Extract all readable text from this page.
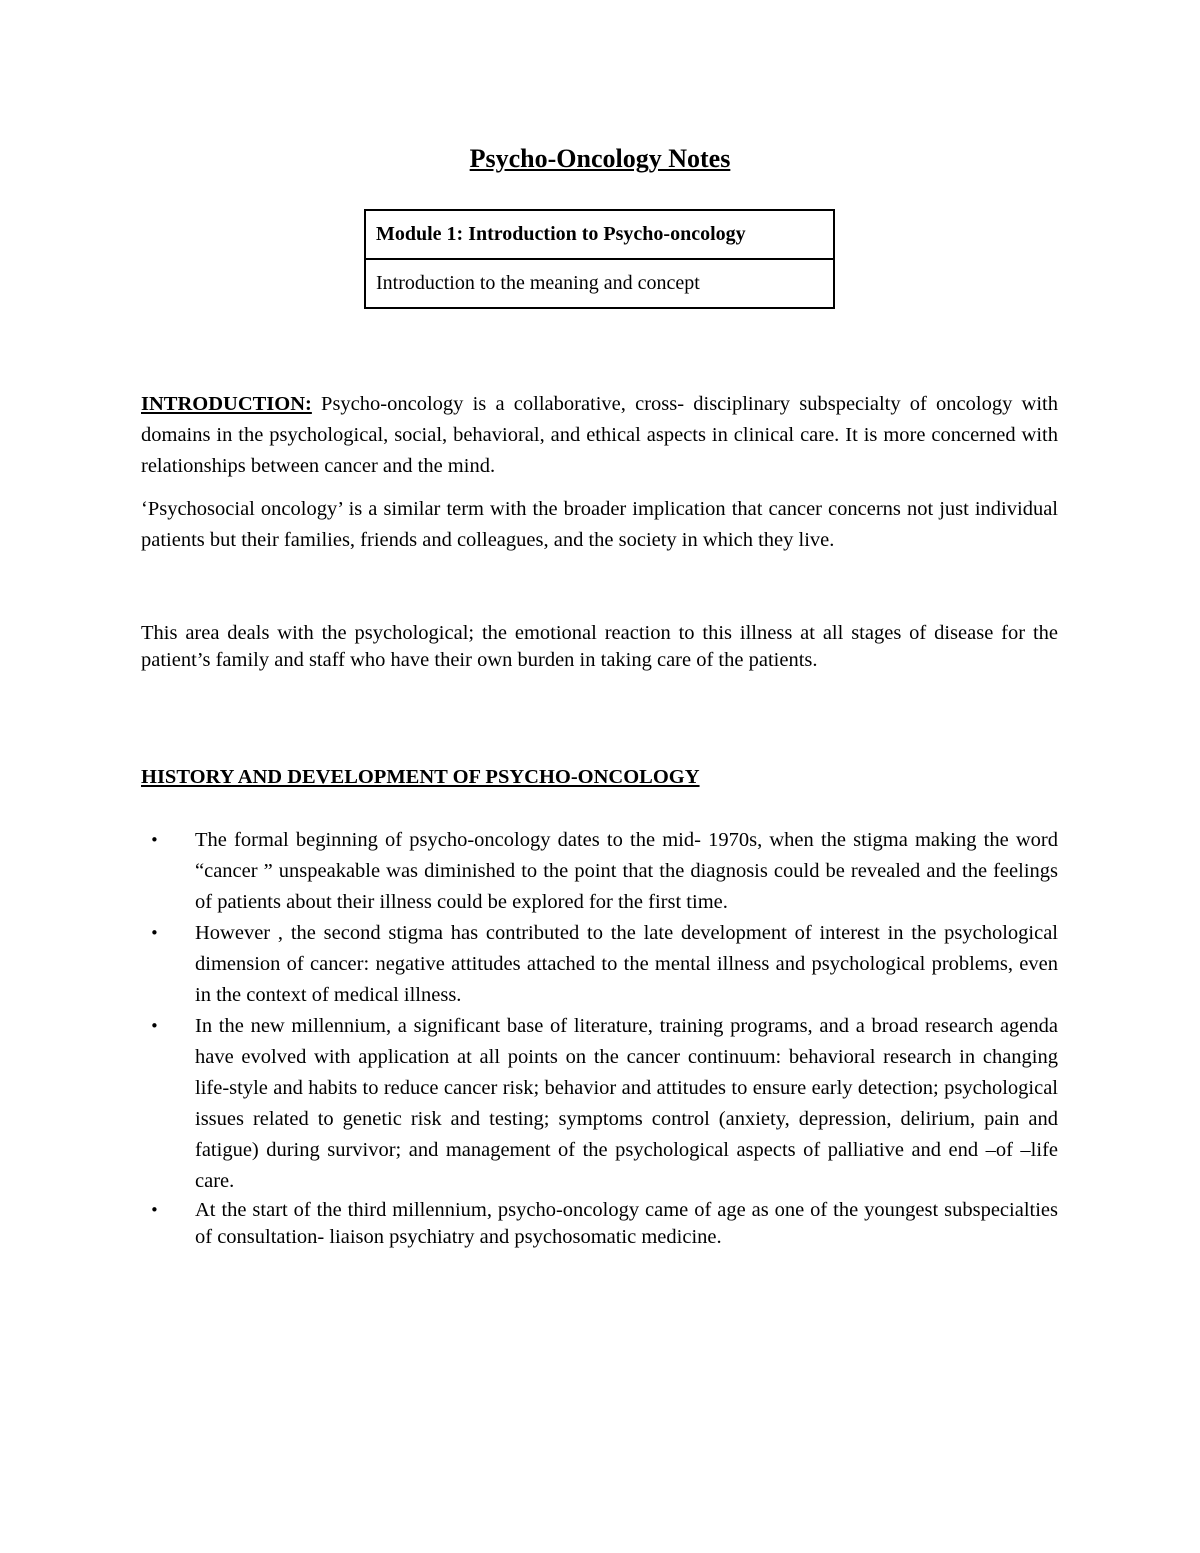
Psycho-Oncology Notes
Module 1: Introduction to Psycho-oncology
Introduction to the meaning and concept

INTRODUCTION: Psycho-oncology is a collaborative, cross- disciplinary subspecialty of oncology with domains in the psychological, social, behavioral, and ethical aspects in clinical care. It is more concerned with relationships between cancer and the mind.

‘Psychosocial oncology’ is a similar term with the broader implication that cancer concerns not just individual patients but their families, friends and colleagues, and the society in which they live.

This area deals with the psychological; the emotional reaction to this illness at all stages of disease for the patient’s family and staff who have their own burden in taking care of the patients.

HISTORY AND DEVELOPMENT OF PSYCHO-ONCOLOGY
• The formal beginning of psycho-oncology dates to the mid- 1970s, when the stigma making the word “cancer ” unspeakable was diminished to the point that the diagnosis could be revealed and the feelings of patients about their illness could be explored for the first time.
• However , the second stigma has contributed to the late development of interest in the psychological dimension of cancer: negative attitudes attached to the mental illness and psychological problems, even in the context of medical illness.
• In the new millennium, a significant base of literature, training programs, and a broad research agenda have evolved with application at all points on the cancer continuum: behavioral research in changing life-style and habits to reduce cancer risk; behavior and attitudes to ensure early detection; psychological issues related to genetic risk and testing; symptoms control (anxiety, depression, delirium, pain and fatigue) during survivor; and management of the psychological aspects of palliative and end –of –life care.
• At the start of the third millennium, psycho-oncology came of age as one of the youngest subspecialties of consultation- liaison psychiatry and psychosomatic medicine.
